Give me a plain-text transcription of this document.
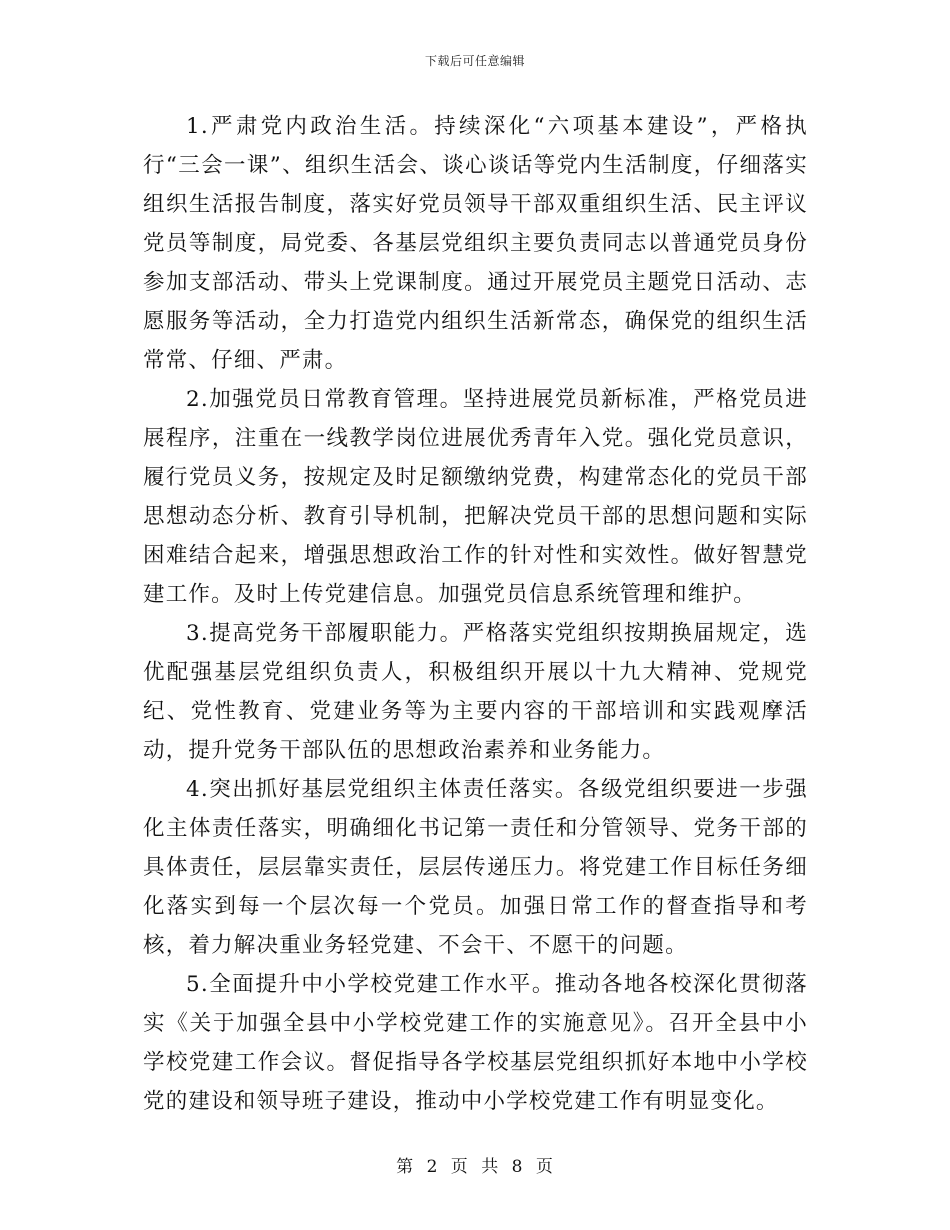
下载后可任意编辑

1.严肃党内政治生活。持续深化“六项基本建设”，严格执行“三会一课”、组织生活会、谈心谈话等党内生活制度，仔细落实组织生活报告制度，落实好党员领导干部双重组织生活、民主评议党员等制度，局党委、各基层党组织主要负责同志以普通党员身份参加支部活动、带头上党课制度。通过开展党员主题党日活动、志愿服务等活动，全力打造党内组织生活新常态，确保党的组织生活常常、仔细、严肃。

2.加强党员日常教育管理。坚持进展党员新标准，严格党员进展程序，注重在一线教学岗位进展优秀青年入党。强化党员意识，履行党员义务，按规定及时足额缴纳党费，构建常态化的党员干部思想动态分析、教育引导机制，把解决党员干部的思想问题和实际困难结合起来，增强思想政治工作的针对性和实效性。做好智慧党建工作。及时上传党建信息。加强党员信息系统管理和维护。

3.提高党务干部履职能力。严格落实党组织按期换届规定，选优配强基层党组织负责人，积极组织开展以十九大精神、党规党纪、党性教育、党建业务等为主要内容的干部培训和实践观摩活动，提升党务干部队伍的思想政治素养和业务能力。

4.突出抓好基层党组织主体责任落实。各级党组织要进一步强化主体责任落实，明确细化书记第一责任和分管领导、党务干部的具体责任，层层靠实责任，层层传递压力。将党建工作目标任务细化落实到每一个层次每一个党员。加强日常工作的督查指导和考核，着力解决重业务轻党建、不会干、不愿干的问题。

5.全面提升中小学校党建工作水平。推动各地各校深化贯彻落实《关于加强全县中小学校党建工作的实施意见》。召开全县中小学校党建工作会议。督促指导各学校基层党组织抓好本地中小学校党的建设和领导班子建设，推动中小学校党建工作有明显变化。

第 2 页 共 8 页
